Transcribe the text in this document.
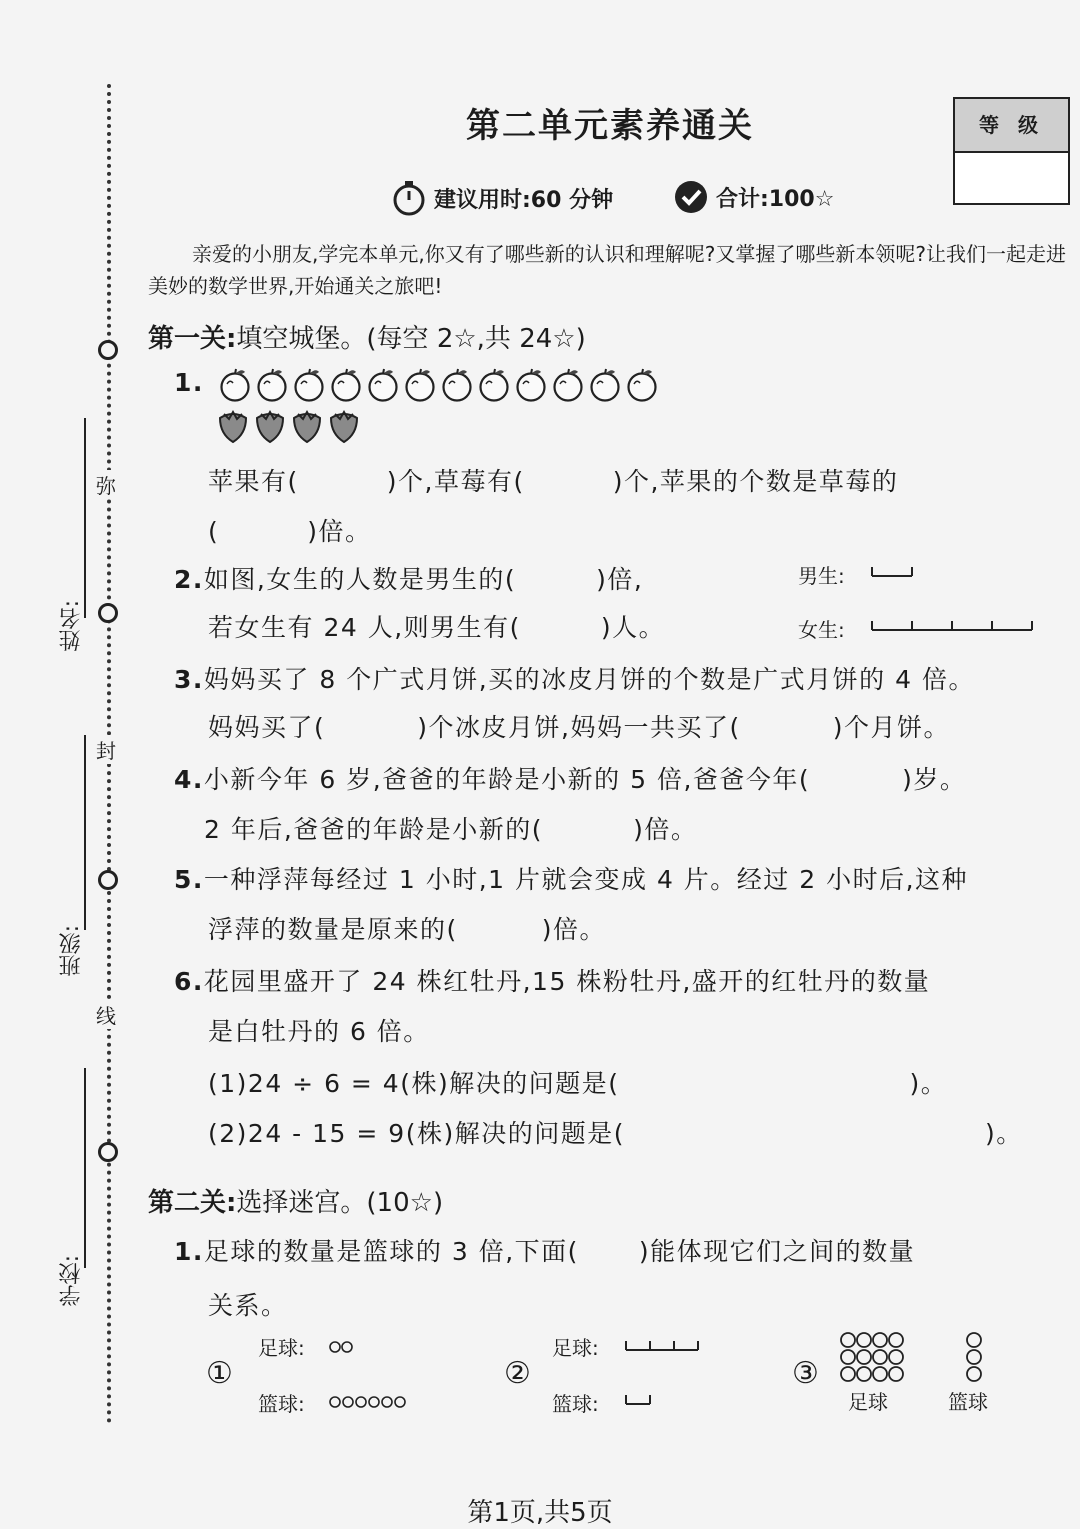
弥
封
线
姓名:
班级:
学校:
第二单元素养通关	等 级
建议用时:60 分钟	合计:100☆
亲爱的小朋友,学完本单元,你又有了哪些新的认识和理解呢?又掌握了哪些新本领呢?让我们一起走进美妙的数学世界,开始通关之旅吧!
第一关:填空城堡。(每空 2☆,共 24☆)
1.
苹果有(	)个,草莓有(	)个,苹果的个数是草莓的
(	)倍。
2.如图,女生的人数是男生的(	)倍,
若女生有 24 人,则男生有(	)人。
男生:
女生:
3.妈妈买了 8 个广式月饼,买的冰皮月饼的个数是广式月饼的 4 倍。
妈妈买了(	)个冰皮月饼,妈妈一共买了(	)个月饼。
4.小新今年 6 岁,爸爸的年龄是小新的 5 倍,爸爸今年(	)岁。
2 年后,爸爸的年龄是小新的(	)倍。
5.一种浮萍每经过 1 小时,1 片就会变成 4 片。经过 2 小时后,这种
浮萍的数量是原来的(	)倍。
6.花园里盛开了 24 株红牡丹,15 株粉牡丹,盛开的红牡丹的数量
是白牡丹的 6 倍。
(1)24 ÷ 6 = 4(株)解决的问题是(	)。
(2)24 - 15 = 9(株)解决的问题是(	)。
第二关:选择迷宫。(10☆)
1.足球的数量是篮球的 3 倍,下面( )能体现它们之间的数量
关系。
①
足球:
篮球:
②
足球:
篮球:
③
足球	篮球
第1页,共5页
